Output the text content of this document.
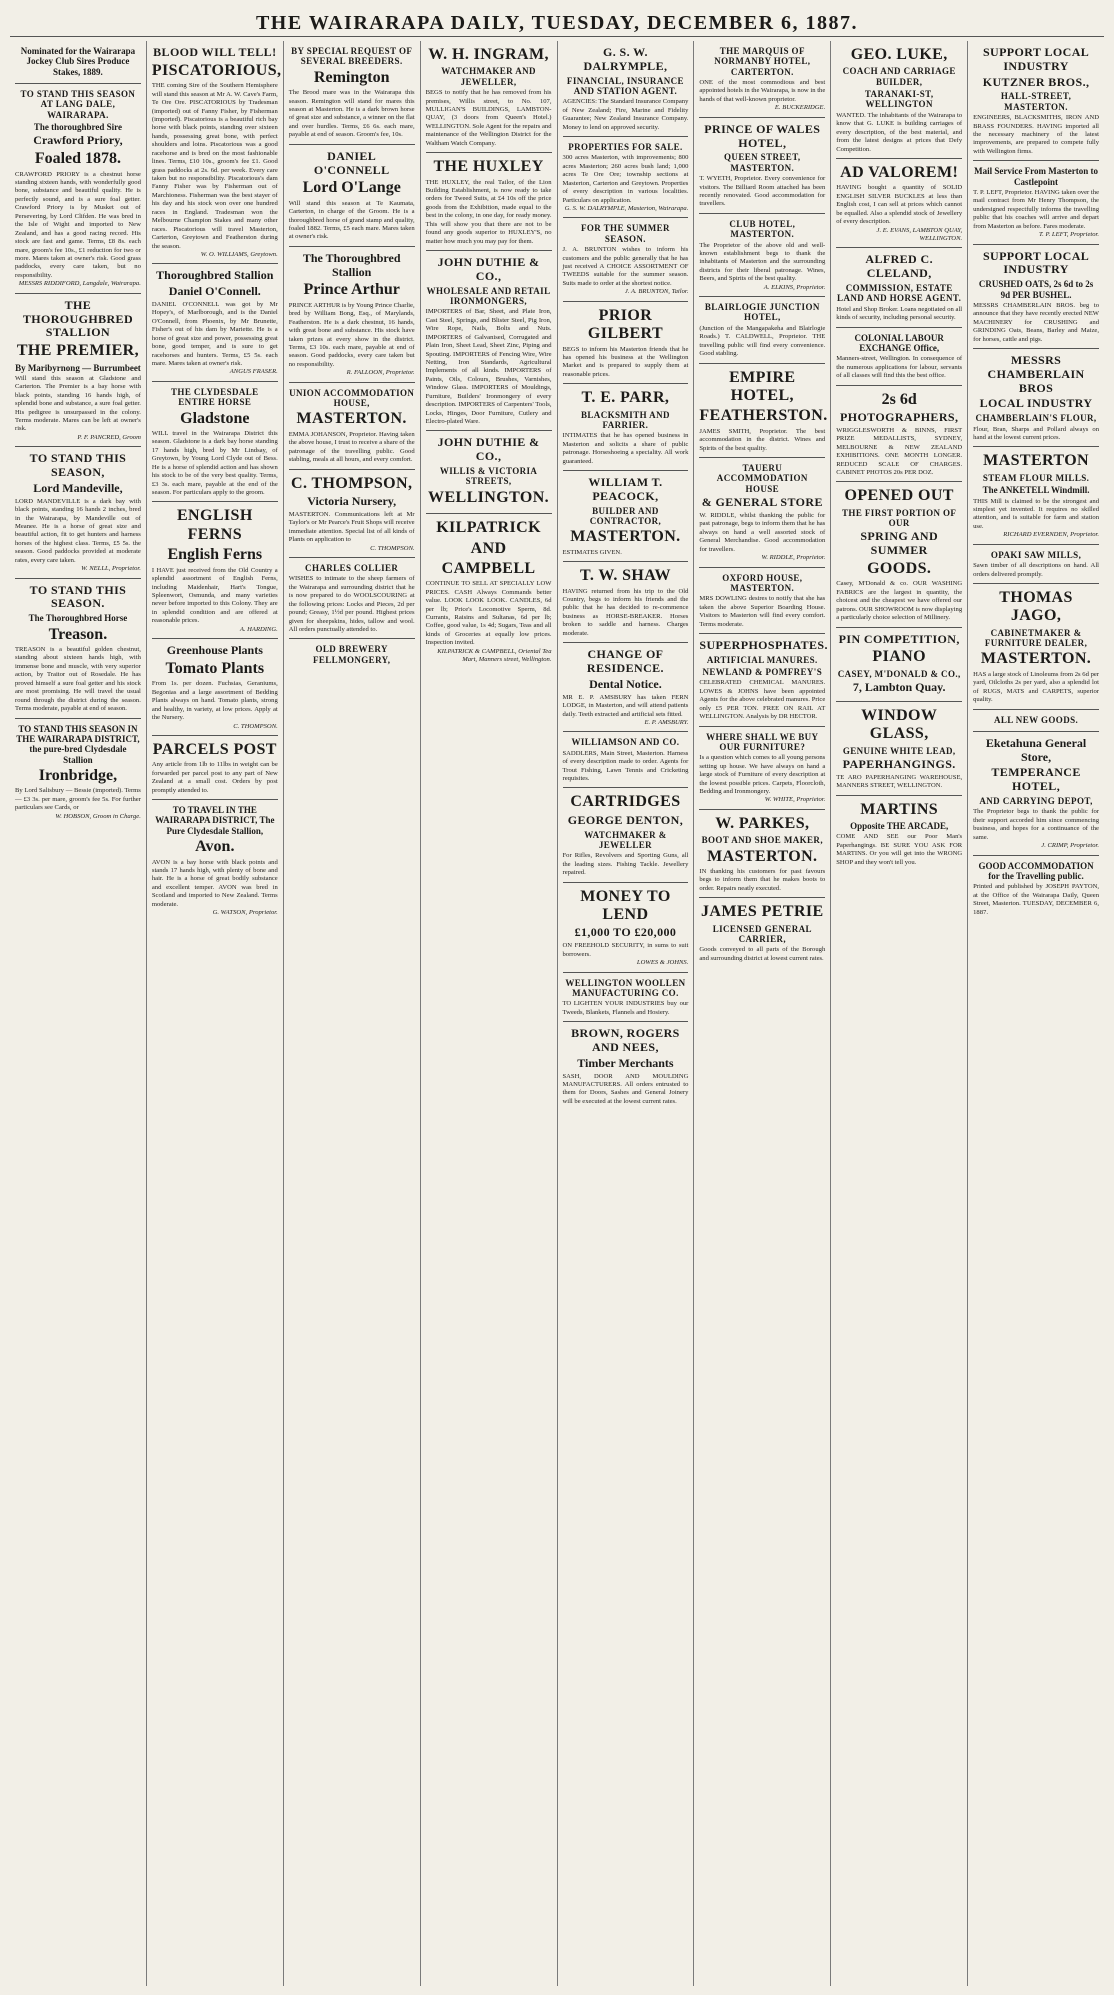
THE WAIRARAPA DAILY, TUESDAY, DECEMBER 6, 1887.
Nominated for the Wairarapa Jockey Club Sires Produce Stakes, 1889.
TO STAND THIS SEASON AT LANG DALE, WAIRARAPA.
The thoroughbred Sire
Crawford Priory,
Foaled 1878.
CRAWFORD PRIORY is a chestnut horse standing sixteen hands, with wonderfully good bone, substance and beautiful quality. He is perfectly sound, and is a sure foal getter. Crawford Priory is by Musket out of Persevering, by Lord Clifden. He was bred in the Isle of Wight and imported to New Zealand, and has a good racing record. His stock are fast and game. Terms, £8 8s. each mare, groom's fee 10s., £1 reduction for two or more. Mares taken at owner's risk. Good grass paddocks, every care taken, but no responsibility.
MESSRS RIDDIFORD, Langdale, Wairarapa.
THE THOROUGHBRED STALLION
THE PREMIER,
By Maribyrnong — Burrumbeet
Will stand this season at Gladstone and Carterton. The Premier is a bay horse with black points, standing 16 hands high, of splendid bone and substance, a sure foal getter. His pedigree is unsurpassed in the colony. Terms moderate. Mares can be left at owner's risk.
P. F. PANCRED, Groom
TO STAND THIS SEASON,
Lord Mandeville,
LORD MANDEVILLE is a dark bay with black points, standing 16 hands 2 inches, bred in the Wairarapa, by Mandeville out of Meanee. He is a horse of great size and beautiful action, fit to get hunters and harness horses of the highest class. Terms, £5 5s. the season. Good paddocks provided at moderate rates, every care taken.
W. NELLL, Proprietor.
TO STAND THIS SEASON.
The Thoroughbred Horse
Treason.
TREASON is a beautiful golden chestnut, standing about sixteen hands high, with immense bone and muscle, with very superior action, by Traitor out of Rosedale. He has proved himself a sure foal getter and his stock are most promising. He will travel the usual round through the district during the season. Terms moderate, payable at end of season.
TO STAND THIS SEASON IN THE WAIRARAPA DISTRICT, the pure-bred Clydesdale Stallion
Ironbridge,
By Lord Salisbury — Bessie (imported). Terms — £3 3s. per mare, groom's fee 5s. For further particulars see Cards, or
W. HOBSON, Groom in Charge.
BLOOD WILL TELL!
PISCATORIOUS,
THE coming Sire of the Southern Hemisphere will stand this season at Mr A. W. Cave's Farm, Te Ore Ore. PISCATORIOUS by Tradesman (imported) out of Fanny Fisher, by Fisherman (imported). Piscatorious is a beautiful rich bay horse with black points, standing over sixteen hands, possessing great bone, with perfect shoulders and loins. Piscatorious was a good racehorse and is bred on the most fashionable lines. Terms, £10 10s., groom's fee £1. Good grass paddocks at 2s. 6d. per week. Every care taken but no responsibility. Piscatorious's dam Fanny Fisher was by Fisherman out of Marchioness. Fisherman was the best stayer of his day and his stock won over one hundred races in England. Tradesman won the Melbourne Champion Stakes and many other races. Piscatorious will travel Masterton, Carterton, Greytown and Featherston during the season.
W. O. WILLIAMS, Greytown.
Thoroughbred Stallion
Daniel O'Connell.
DANIEL O'CONNELL was got by Mr Hopey's, of Marlborough, and is the Daniel O'Connell, from Phoenix, by Mr Brunette, Fisher's out of his dam by Mariette. He is a horse of great size and power, possessing great bone, good temper, and is sure to get racehorses and hunters. Terms, £5 5s. each mare. Mares taken at owner's risk.
ANGUS FRASER.
THE CLYDESDALE ENTIRE HORSE
Gladstone
WILL travel in the Wairarapa District this season. Gladstone is a dark bay horse standing 17 hands high, bred by Mr Lindsay, of Greytown, by Young Lord Clyde out of Bess. He is a horse of splendid action and has shown his stock to be of the very best quality. Terms, £3 3s. each mare, payable at the end of the season. For particulars apply to the groom.
ENGLISH FERNS
English Ferns
I HAVE just received from the Old Country a splendid assortment of English Ferns, including Maidenhair, Hart's Tongue, Spleenwort, Osmunda, and many varieties never before imported to this Colony. They are in splendid condition and are offered at reasonable prices.
A. HARDING.
Greenhouse Plants
Tomato Plants
From 1s. per dozen. Fuchsias, Geraniums, Begonias and a large assortment of Bedding Plants always on hand. Tomato plants, strong and healthy, in variety, at low prices. Apply at the Nursery.
C. THOMPSON.
PARCELS POST
Any article from 1lb to 11lbs in weight can be forwarded per parcel post to any part of New Zealand at a small cost. Orders by post promptly attended to.
TO TRAVEL IN THE WAIRARAPA DISTRICT, The Pure Clydesdale Stallion,
Avon.
AVON is a bay horse with black points and stands 17 hands high, with plenty of bone and hair. He is a horse of great bodily substance and excellent temper. AVON was bred in Scotland and imported to New Zealand. Terms moderate.
G. WATSON, Proprietor.
BY SPECIAL REQUEST OF SEVERAL BREEDERS.
Remington
The Brood mare was in the Wairarapa this season. Remington will stand for mares this season at Masterton. He is a dark brown horse of great size and substance, a winner on the flat and over hurdles. Terms, £6 6s. each mare, payable at end of season. Groom's fee, 10s.
DANIEL O'CONNELL
Lord O'Lange
Will stand this season at Te Kaumata, Carterton, in charge of the Groom. He is a thoroughbred horse of grand stamp and quality, foaled 1882. Terms, £5 each mare. Mares taken at owner's risk.
The Thoroughbred Stallion
Prince Arthur
PRINCE ARTHUR is by Young Prince Charlie, bred by William Bong, Esq., of Marylands, Featherston. He is a dark chestnut, 16 hands, with great bone and substance. His stock have taken prizes at every show in the district. Terms, £3 10s. each mare, payable at end of season. Good paddocks, every care taken but no responsibility.
R. FALLOON, Proprietor.
UNION ACCOMMODATION HOUSE,
MASTERTON.
EMMA JOHANSON, Proprietor. Having taken the above house, I trust to receive a share of the patronage of the travelling public. Good stabling, meals at all hours, and every comfort.
C. THOMPSON,
Victoria Nursery,
MASTERTON. Communications left at Mr Taylor's or Mr Pearce's Fruit Shops will receive immediate attention. Special list of all kinds of Plants on application to
C. THOMPSON.
CHARLES COLLIER
WISHES to intimate to the sheep farmers of the Wairarapa and surrounding district that he is now prepared to do WOOLSCOURING at the following prices: Locks and Pieces, 2d per pound; Greasy, 1½d per pound. Highest prices given for sheepskins, hides, tallow and wool. All orders punctually attended to.
OLD BREWERY FELLMONGERY,
W. H. INGRAM,
WATCHMAKER AND JEWELLER,
BEGS to notify that he has removed from his premises, Willis street, to No. 107, MULLIGAN'S BUILDINGS, LAMBTON-QUAY, (3 doors from Queen's Hotel.) WELLINGTON. Sole Agent for the repairs and maintenance of the Wellington District for the Waltham Watch Company.
THE HUXLEY
THE HUXLEY, the real Tailor, of the Lion Building Establishment, is now ready to take orders for Tweed Suits, at £4 10s off the price goods from the Exhibition, made equal to the best in the colony, in one day, for ready money. This will show you that there are not to be found any goods superior to HUXLEY'S, no matter how much you may pay for them.
JOHN DUTHIE & CO.,
WHOLESALE AND RETAIL IRONMONGERS,
IMPORTERS of Bar, Sheet, and Plate Iron, Cast Steel, Springs, and Blister Steel, Pig Iron, Wire Rope, Nails, Bolts and Nuts. IMPORTERS of Galvanised, Corrugated and Plain Iron, Sheet Lead, Sheet Zinc, Piping and Spouting. IMPORTERS of Fencing Wire, Wire Netting, Iron Standards, Agricultural Implements of all kinds. IMPORTERS of Paints, Oils, Colours, Brushes, Varnishes, Window Glass. IMPORTERS of Mouldings, Furniture, Builders' Ironmongery of every description. IMPORTERS of Carpenters' Tools, Locks, Hinges, Door Furniture, Cutlery and Electro-plated Ware.
JOHN DUTHIE & CO.,
WILLIS & VICTORIA STREETS,
WELLINGTON.
KILPATRICK
AND
CAMPBELL
CONTINUE TO SELL AT SPECIALLY LOW PRICES. CASH Always Commands better value. LOOK LOOK LOOK. CANDLES, 6d per lb; Price's Locomotive Sperm, 8d. Currants, Raisins and Sultanas, 6d per lb; Coffee, good value, 1s 4d; Sugars, Teas and all kinds of Groceries at equally low prices. Inspection invited.
KILPATRICK & CAMPBELL, Oriental Tea Mart, Manners street, Wellington.
G. S. W. DALRYMPLE,
FINANCIAL, INSURANCE AND STATION AGENT.
AGENCIES: The Standard Insurance Company of New Zealand; Fire, Marine and Fidelity Guarantee; New Zealand Insurance Company. Money to lend on approved security.
PROPERTIES FOR SALE.
300 acres Masterton, with improvements; 800 acres Masterton; 260 acres bush land; 1,000 acres Te Ore Ore; township sections at Masterton, Carterton and Greytown. Properties of every description in various localities. Particulars on application.
G. S. W. DALRYMPLE, Masterton, Wairarapa.
FOR THE SUMMER SEASON.
J. A. BRUNTON wishes to inform his customers and the public generally that he has just received A CHOICE ASSORTMENT OF TWEEDS suitable for the summer season. Suits made to order at the shortest notice.
J. A. BRUNTON, Tailor.
PRIOR GILBERT
BEGS to inform his Masterton friends that he has opened his business at the Wellington Market and is prepared to supply them at reasonable prices.
T. E. PARR,
BLACKSMITH AND FARRIER.
INTIMATES that he has opened business in Masterton and solicits a share of public patronage. Horseshoeing a speciality. All work guaranteed.
WILLIAM T. PEACOCK,
BUILDER AND CONTRACTOR,
MASTERTON.
ESTIMATES GIVEN.
T. W. SHAW
HAVING returned from his trip to the Old Country, begs to inform his friends and the public that he has decided to re-commence business as HORSE-BREAKER. Horses broken to saddle and harness. Charges moderate.
CHANGE OF RESIDENCE.
Dental Notice.
MR E. P. AMSBURY has taken FERN LODGE, in Masterton, and will attend patients daily. Teeth extracted and artificial sets fitted.
E. P. AMSBURY.
WILLIAMSON AND CO.
SADDLERS, Main Street, Masterton. Harness of every description made to order. Agents for Trout Fishing, Lawn Tennis and Cricketing requisites.
CARTRIDGES
GEORGE DENTON,
WATCHMAKER & JEWELLER
For Rifles, Revolvers and Sporting Guns, all the leading sizes. Fishing Tackle. Jewellery repaired.
MONEY TO LEND
£1,000 TO £20,000
ON FREEHOLD SECURITY, in sums to suit borrowers.
LOWES & JOHNS.
WELLINGTON WOOLLEN MANUFACTURING CO.
TO LIGHTEN YOUR INDUSTRIES buy our Tweeds, Blankets, Flannels and Hosiery.
BROWN, ROGERS AND NEES,
Timber Merchants
SASH, DOOR AND MOULDING MANUFACTURERS. All orders entrusted to them for Doors, Sashes and General Joinery will be executed at the lowest current rates.
THE MARQUIS OF NORMANBY HOTEL, CARTERTON.
ONE of the most commodious and best appointed hotels in the Wairarapa, is now in the hands of that well-known proprietor.
E. BUCKERIDGE.
PRINCE OF WALES HOTEL,
QUEEN STREET, MASTERTON.
T. WYETH, Proprietor. Every convenience for visitors. The Billiard Room attached has been recently renovated. Good accommodation for travellers.
CLUB HOTEL, MASTERTON.
The Proprietor of the above old and well-known establishment begs to thank the inhabitants of Masterton and the surrounding districts for their liberal patronage. Wines, Beers, and Spirits of the best quality.
A. ELKINS, Proprietor.
BLAIRLOGIE JUNCTION HOTEL,
(Junction of the Mangapakeha and Blairlogie Roads.) T. CALDWELL, Proprietor. THE travelling public will find every convenience. Good stabling.
EMPIRE HOTEL,
FEATHERSTON.
JAMES SMITH, Proprietor. The best accommodation in the district. Wines and Spirits of the best quality.
TAUERU ACCOMMODATION HOUSE
& GENERAL STORE
W. RIDDLE, whilst thanking the public for past patronage, begs to inform them that he has always on hand a well assorted stock of General Merchandise. Good accommodation for travellers.
W. RIDDLE, Proprietor.
OXFORD HOUSE, MASTERTON.
MRS DOWLING desires to notify that she has taken the above Superior Boarding House. Visitors to Masterton will find every comfort. Terms moderate.
SUPERPHOSPHATES.
ARTIFICIAL MANURES.
NEWLAND & POMFREY'S
CELEBRATED CHEMICAL MANURES. LOWES & JOHNS have been appointed Agents for the above celebrated manures. Price only £5 PER TON. FREE ON RAIL AT WELLINGTON. Analysis by DR HECTOR.
WHERE SHALL WE BUY OUR FURNITURE?
Is a question which comes to all young persons setting up house. We have always on hand a large stock of Furniture of every description at the lowest possible prices. Carpets, Floorcloth, Bedding and Ironmongery.
W. WHITE, Proprietor.
W. PARKES,
BOOT AND SHOE MAKER,
MASTERTON.
IN thanking his customers for past favours begs to inform them that he makes boots to order. Repairs neatly executed.
JAMES PETRIE
LICENSED GENERAL CARRIER,
Goods conveyed to all parts of the Borough and surrounding district at lowest current rates.
GEO. LUKE,
COACH AND CARRIAGE BUILDER,
TARANAKI-ST, WELLINGTON
WANTED. The inhabitants of the Wairarapa to know that G. LUKE is building carriages of every description, of the best material, and from the latest designs at prices that Defy Competition.
AD VALOREM!
HAVING bought a quantity of SOLID ENGLISH SILVER BUCKLES at less than English cost, I can sell at prices which cannot be equalled. Also a splendid stock of Jewellery of every description.
J. E. EVANS, LAMBTON QUAY, WELLINGTON.
ALFRED C. CLELAND,
COMMISSION, ESTATE LAND AND HORSE AGENT.
Hotel and Shop Broker. Loans negotiated on all kinds of security, including personal security.
COLONIAL LABOUR EXCHANGE Office,
Manners-street, Wellington. In consequence of the numerous applications for labour, servants of all classes will find this the best office.
2s 6d
PHOTOGRAPHERS,
WRIGGLESWORTH & BINNS, FIRST PRIZE MEDALLISTS, SYDNEY, MELBOURNE & NEW ZEALAND EXHIBITIONS. ONE MONTH LONGER. REDUCED SCALE OF CHARGES. CABINET PHOTOS 20s PER DOZ.
OPENED OUT
THE FIRST PORTION OF OUR
SPRING AND SUMMER
GOODS.
Casey, M'Donald & co. OUR WASHING FABRICS are the largest in quantity, the choicest and the cheapest we have offered our patrons. OUR SHOWROOM is now displaying a particularly choice selection of Millinery.
PIN COMPETITION,
PIANO
CASEY, M'DONALD & CO.,
7, Lambton Quay.
WINDOW GLASS,
GENUINE WHITE LEAD,
PAPERHANGINGS.
TE ARO PAPERHANGING WAREHOUSE, MANNERS STREET, WELLINGTON.
MARTINS
Opposite THE ARCADE,
COME AND SEE our Poor Man's Paperhangings. BE SURE YOU ASK FOR MARTINS. Or you will get into the WRONG SHOP and they won't tell you.
SUPPORT LOCAL INDUSTRY
KUTZNER BROS.,
HALL-STREET, MASTERTON.
ENGINEERS, BLACKSMITHS, IRON AND BRASS FOUNDERS. HAVING imported all the necessary machinery of the latest improvements, are prepared to compete fully with Wellington firms.
Mail Service From Masterton to Castlepoint
T. P. LEFT, Proprietor. HAVING taken over the mail contract from Mr Henry Thompson, the undersigned respectfully informs the travelling public that his coaches will arrive and depart from Masterton as before. Fares moderate.
T. P. LEFT, Proprietor.
SUPPORT LOCAL INDUSTRY
CRUSHED OATS, 2s 6d to 2s 9d PER BUSHEL.
MESSRS CHAMBERLAIN BROS. beg to announce that they have recently erected NEW MACHINERY for CRUSHING and GRINDING Oats, Beans, Barley and Maize, for horses, cattle and pigs.
MESSRS CHAMBERLAIN BROS
LOCAL INDUSTRY
CHAMBERLAIN'S FLOUR,
Flour, Bran, Sharps and Pollard always on hand at the lowest current prices.
MASTERTON
STEAM FLOUR MILLS.
The ANKETELL Windmill.
THIS Mill is claimed to be the strongest and simplest yet invented. It requires no skilled attention, and is suitable for farm and station use.
RICHARD EVERNDEN, Proprietor.
OPAKI SAW MILLS,
Sawn timber of all descriptions on hand. All orders delivered promptly.
THOMAS JAGO,
CABINETMAKER & FURNITURE DEALER,
MASTERTON.
HAS a large stock of Linoleums from 2s 6d per yard, Oilcloths 2s per yard, also a splendid lot of RUGS, MATS and CARPETS, superior quality.
ALL NEW GOODS.
Eketahuna General Store,
TEMPERANCE HOTEL,
AND CARRYING DEPOT,
The Proprietor begs to thank the public for their support accorded him since commencing business, and hopes for a continuance of the same.
J. CRIMP, Proprietor.
GOOD ACCOMMODATION for the Travelling public.
Printed and published by JOSEPH PAYTON, at the Office of the Wairarapa Daily, Queen Street, Masterton. TUESDAY, DECEMBER 6, 1887.
